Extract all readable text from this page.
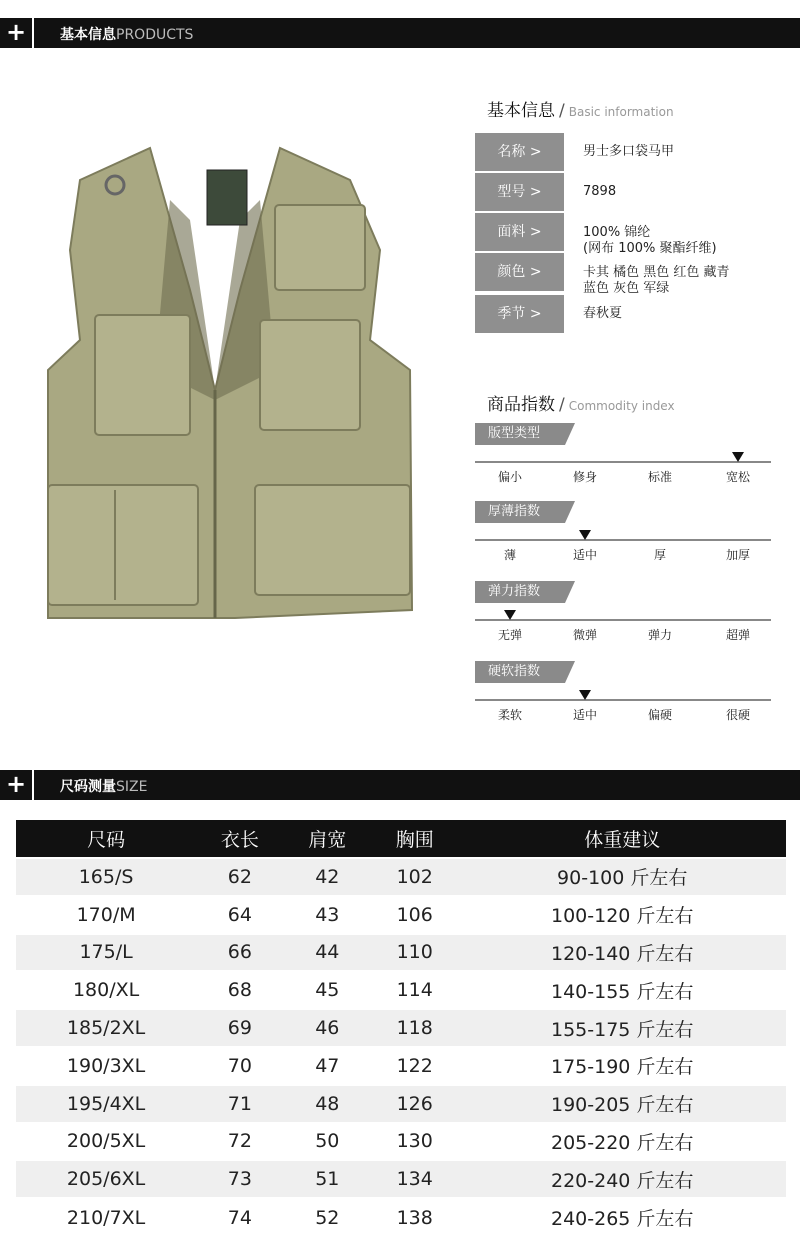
+	基本信息PRODUCTS
基本信息 / Basic information
名称 >	男士多口袋马甲
型号 >	7898
面料 >	100% 锦纶
(网布 100% 聚酯纤维)
颜色 >	卡其 橘色 黑色 红色 藏青
蓝色 灰色 军绿
季节 >	春秋夏
商品指数 / Commodity index
版型类型
偏小	修身	标准	宽松
厚薄指数
薄	适中	厚	加厚
弹力指数
无弹	微弹	弹力	超弹
硬软指数
柔软	适中	偏硬	很硬
+	尺码测量SIZE
尺码	衣长	肩宽	胸围	体重建议
165/S	62	42	102	90-100 斤左右
170/M	64	43	106	100-120 斤左右
175/L	66	44	110	120-140 斤左右
180/XL	68	45	114	140-155 斤左右
185/2XL	69	46	118	155-175 斤左右
190/3XL	70	47	122	175-190 斤左右
195/4XL	71	48	126	190-205 斤左右
200/5XL	72	50	130	205-220 斤左右
205/6XL	73	51	134	220-240 斤左右
210/7XL	74	52	138	240-265 斤左右
